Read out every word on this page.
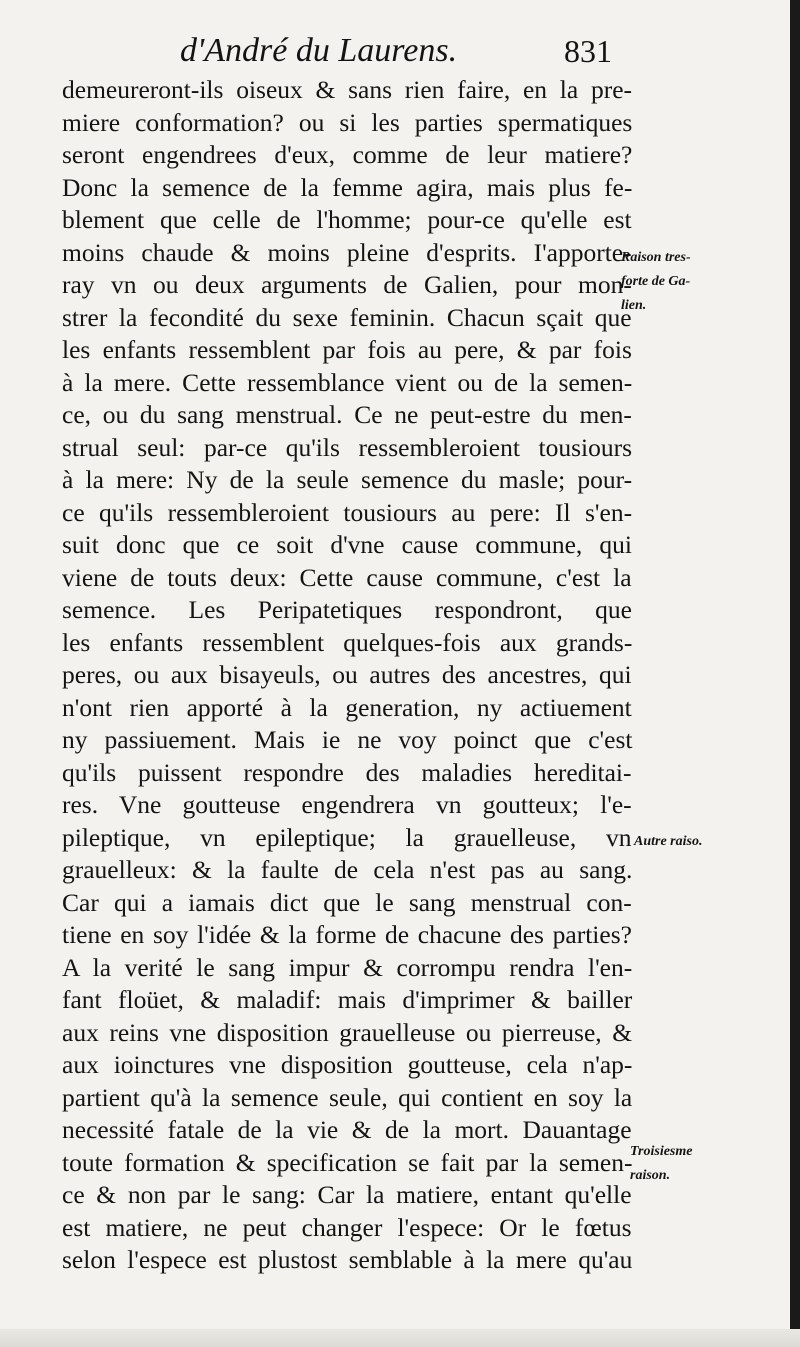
d'André du Laurens.	831
demeureront-ils oiseux & sans rien faire, en la pre-
miere conformation? ou si les parties spermatiques
seront engendrees d'eux, comme de leur matiere?
Donc la semence de la femme agira, mais plus fe-
blement que celle de l'homme; pour-ce qu'elle est
moins chaude & moins pleine d'esprits. I'apporte-
ray vn ou deux arguments de Galien, pour mon-
strer la fecondité du sexe feminin. Chacun sçait que
les enfants ressemblent par fois au pere, & par fois
à la mere. Cette ressemblance vient ou de la semen-
ce, ou du sang menstrual. Ce ne peut-estre du men-
strual seul: par-ce qu'ils ressembleroient tousiours
à la mere: Ny de la seule semence du masle; pour-
ce qu'ils ressembleroient tousiours au pere: Il s'en-
suit donc que ce soit d'vne cause commune, qui
viene de touts deux: Cette cause commune, c'est la
semence. Les Peripatetiques respondront, que
les enfants ressemblent quelques-fois aux grands-
peres, ou aux bisayeuls, ou autres des ancestres, qui
n'ont rien apporté à la generation, ny actiuement
ny passiuement. Mais ie ne voy poinct que c'est
qu'ils puissent respondre des maladies hereditai-
res. Vne goutteuse engendrera vn goutteux; l'e-
pileptique, vn epileptique; la grauelleuse, vn
grauelleux: & la faulte de cela n'est pas au sang.
Car qui a iamais dict que le sang menstrual con-
tiene en soy l'idée & la forme de chacune des parties?
A la verité le sang impur & corrompu rendra l'en-
fant floüet, & maladif: mais d'imprimer & bailler
aux reins vne disposition grauelleuse ou pierreuse, &
aux ioinctures vne disposition goutteuse, cela n'ap-
partient qu'à la semence seule, qui contient en soy la
necessité fatale de la vie & de la mort. Dauantage
toute formation & specification se fait par la semen-
ce & non par le sang: Car la matiere, entant qu'elle
est matiere, ne peut changer l'espece: Or le fœtus
selon l'espece est plustost semblable à la mere qu'au
Raison tres-
forte de Ga-
lien.
Autre raiso.
Troisiesme
raison.
